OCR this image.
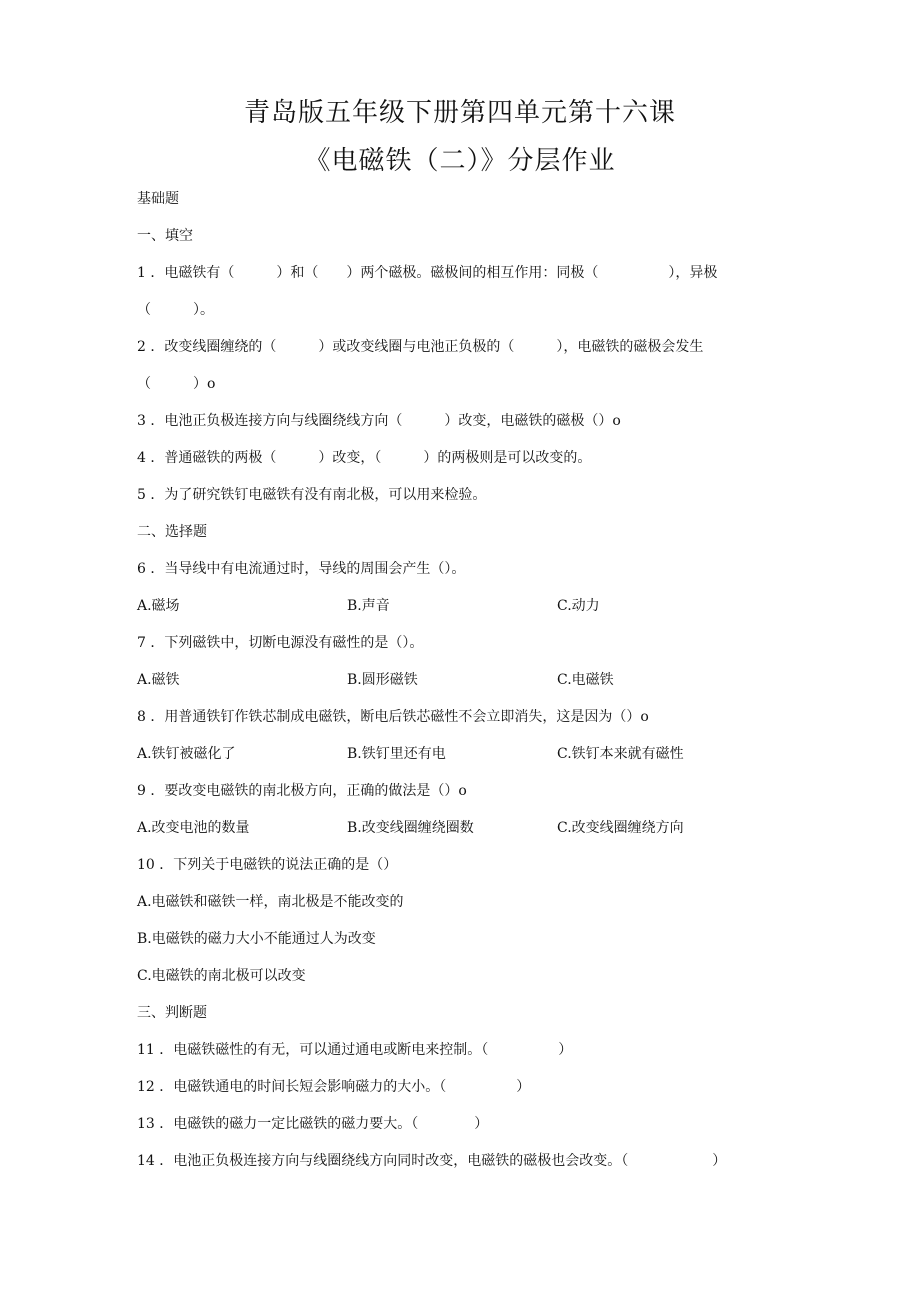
青岛版五年级下册第四单元第十六课
《电磁铁（二）》分层作业
基础题
一、填空
1 ．电磁铁有（　　　）和（　　）两个磁极。磁极间的相互作用：同极（　　　　　），异极
（　　　）。
2 ．改变线圈缠绕的（　　　）或改变线圈与电池正负极的（　　　），电磁铁的磁极会发生
（　　　）o
3 ．电池正负极连接方向与线圈绕线方向（　　　）改变，电磁铁的磁极（）o
4 ．普通磁铁的两极（　　　）改变，（　　　）的两极则是可以改变的。
5 ．为了研究铁钉电磁铁有没有南北极，可以用来检验。
二、选择题
6 ．当导线中有电流通过时，导线的周围会产生（）。
A.磁场	B.声音	C.动力
7 ．下列磁铁中，切断电源没有磁性的是（）。
A.磁铁	B.圆形磁铁	C.电磁铁
8 ．用普通铁钉作铁芯制成电磁铁，断电后铁芯磁性不会立即消失，这是因为（）o
A.铁钉被磁化了	B.铁钉里还有电	C.铁钉本来就有磁性
9 ．要改变电磁铁的南北极方向，正确的做法是（）o
A.改变电池的数量	B.改变线圈缠绕圈数	C.改变线圈缠绕方向
10 ．下列关于电磁铁的说法正确的是（）
A.电磁铁和磁铁一样，南北极是不能改变的
B.电磁铁的磁力大小不能通过人为改变
C.电磁铁的南北极可以改变
三、判断题
11 ．电磁铁磁性的有无，可以通过通电或断电来控制。（　　　　　）
12 ．电磁铁通电的时间长短会影响磁力的大小。（　　　　　）
13 ．电磁铁的磁力一定比磁铁的磁力要大。（　　　　）
14 ．电池正负极连接方向与线圈绕线方向同时改变，电磁铁的磁极也会改变。（　　　　　　）
